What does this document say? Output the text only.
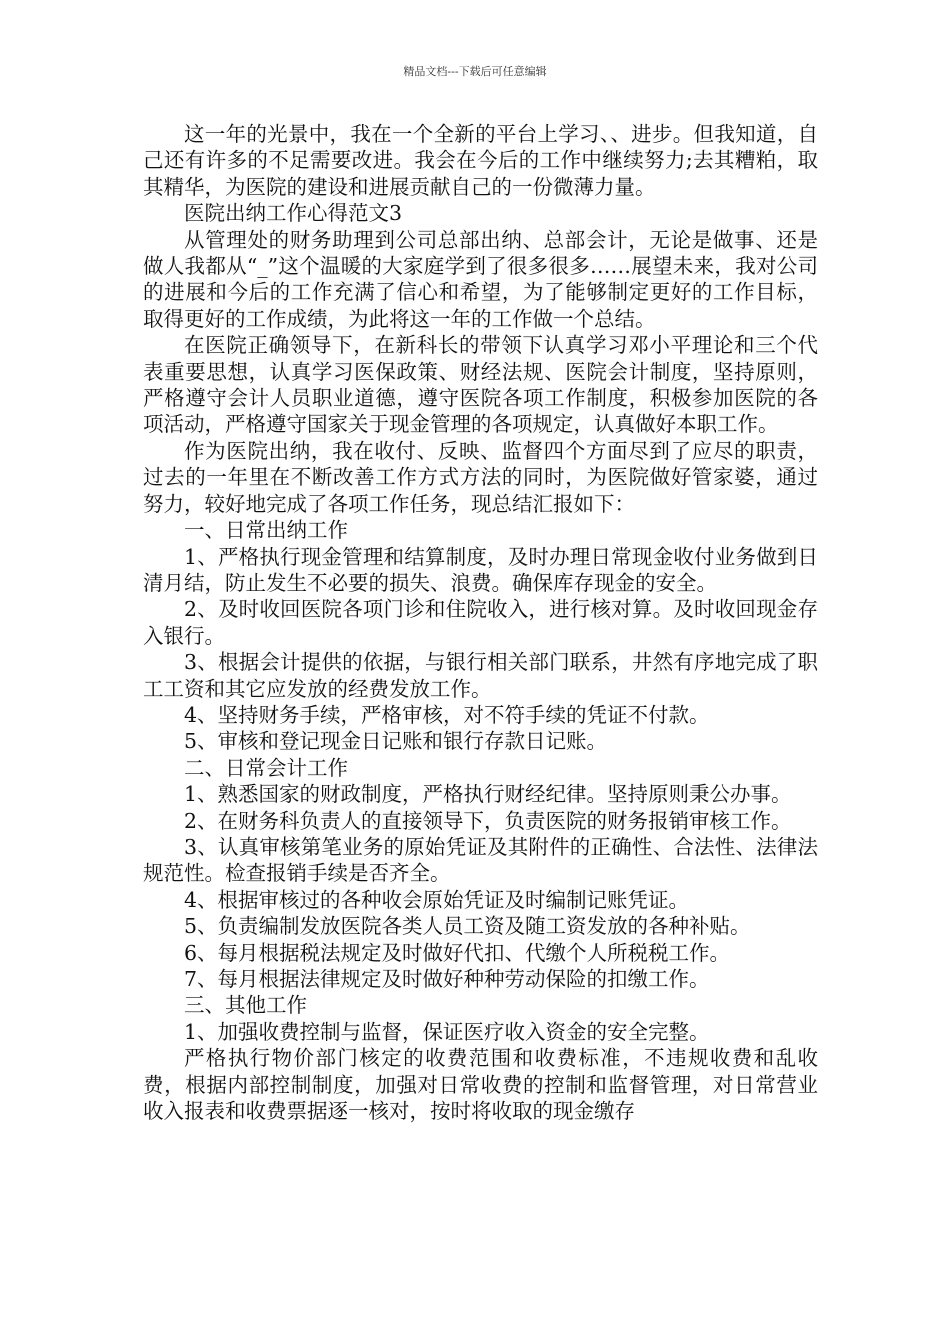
精品文档---下载后可任意编辑

这一年的光景中，我在一个全新的平台上学习、、进步。但我知道，自己还有许多的不足需要改进。我会在今后的工作中继续努力;去其糟粕，取其精华，为医院的建设和进展贡献自己的一份微薄力量。

医院出纳工作心得范文3

从管理处的财务助理到公司总部出纳、总部会计，无论是做事、还是做人我都从“_”这个温暖的大家庭学到了很多很多……展望未来，我对公司的进展和今后的工作充满了信心和希望，为了能够制定更好的工作目标，取得更好的工作成绩，为此将这一年的工作做一个总结。

在医院正确领导下，在新科长的带领下认真学习邓小平理论和三个代表重要思想，认真学习医保政策、财经法规、医院会计制度，坚持原则，严格遵守会计人员职业道德，遵守医院各项工作制度，积极参加医院的各项活动，严格遵守国家关于现金管理的各项规定，认真做好本职工作。

作为医院出纳，我在收付、反映、监督四个方面尽到了应尽的职责，过去的一年里在不断改善工作方式方法的同时，为医院做好管家婆，通过努力，较好地完成了各项工作任务，现总结汇报如下：

一、日常出纳工作

1、严格执行现金管理和结算制度，及时办理日常现金收付业务做到日清月结，防止发生不必要的损失、浪费。确保库存现金的安全。

2、及时收回医院各项门诊和住院收入，进行核对算。及时收回现金存入银行。

3、根据会计提供的依据，与银行相关部门联系，井然有序地完成了职工工资和其它应发放的经费发放工作。

4、坚持财务手续，严格审核，对不符手续的凭证不付款。

5、审核和登记现金日记账和银行存款日记账。

二、日常会计工作

1、熟悉国家的财政制度，严格执行财经纪律。坚持原则秉公办事。

2、在财务科负责人的直接领导下，负责医院的财务报销审核工作。

3、认真审核第笔业务的原始凭证及其附件的正确性、合法性、法律法规范性。检查报销手续是否齐全。

4、根据审核过的各种收会原始凭证及时编制记账凭证。

5、负责编制发放医院各类人员工资及随工资发放的各种补贴。

6、每月根据税法规定及时做好代扣、代缴个人所税税工作。

7、每月根据法律规定及时做好种种劳动保险的扣缴工作。

三、其他工作

1、加强收费控制与监督，保证医疗收入资金的安全完整。

严格执行物价部门核定的收费范围和收费标准，不违规收费和乱收费，根据内部控制制度，加强对日常收费的控制和监督管理，对日常营业收入报表和收费票据逐一核对，按时将收取的现金缴存
